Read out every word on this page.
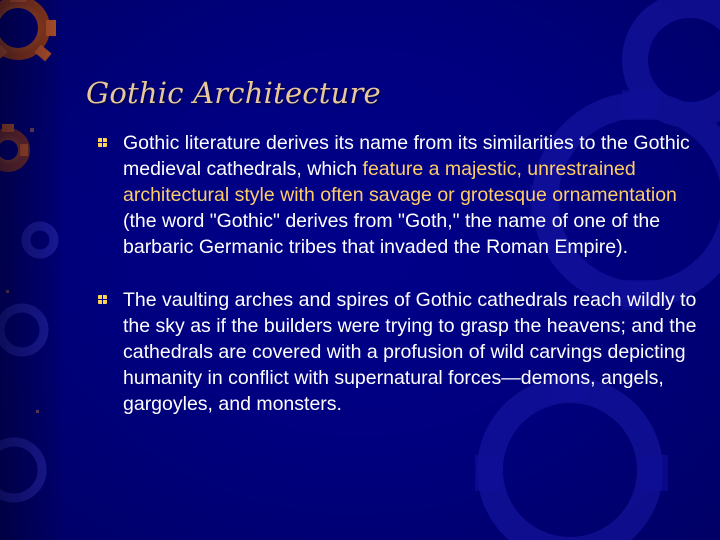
Gothic Architecture
Gothic literature derives its name from its similarities to the Gothic medieval cathedrals, which feature a majestic, unrestrained architectural style with often savage or grotesque ornamentation (the word "Gothic" derives from "Goth," the name of one of the barbaric Germanic tribes that invaded the Roman Empire).
The vaulting arches and spires of Gothic cathedrals reach wildly to the sky as if the builders were trying to grasp the heavens; and the cathedrals are covered with a profusion of wild carvings depicting humanity in conflict with supernatural forces—demons, angels, gargoyles, and monsters.
